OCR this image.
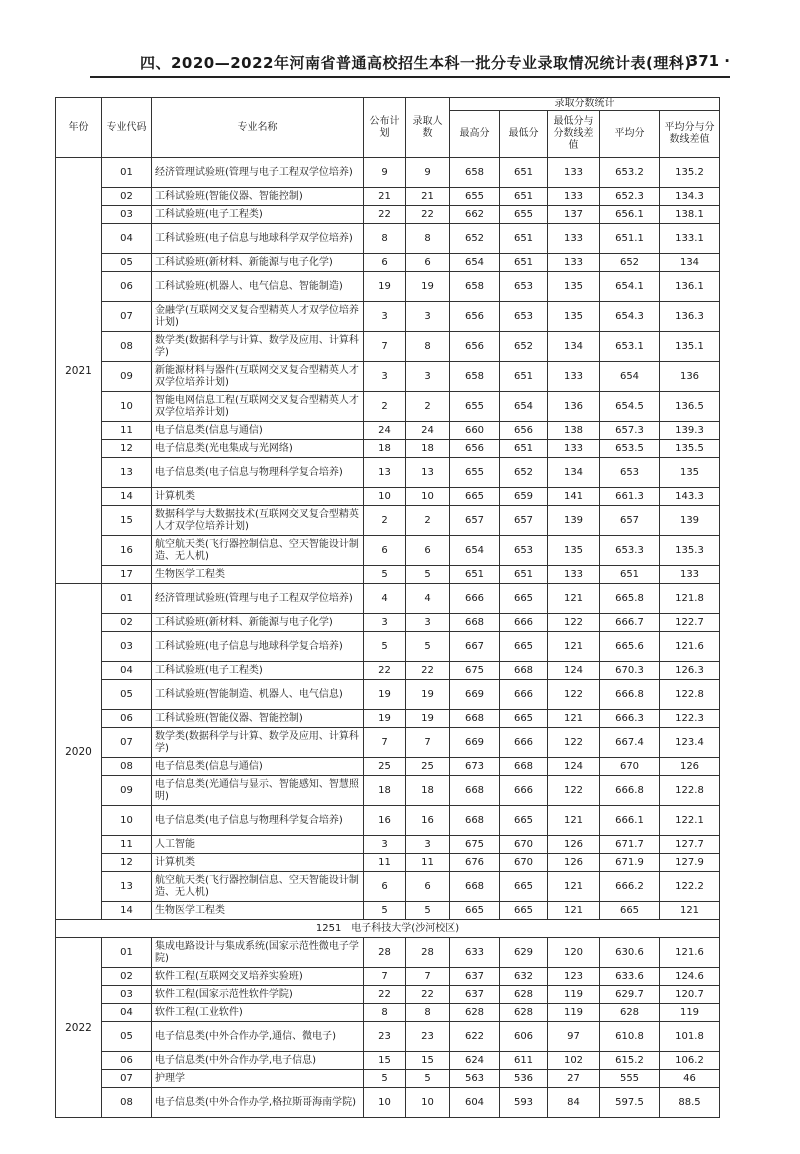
四、2020—2022年河南省普通高校招生本科一批分专业录取情况统计表(理科)
· 371 ·
年份	专业代码	专业名称	公布计划	录取人数	录取分数统计				
					最高分	最低分	最低分与分数线差值	平均分	平均分与分数线差值
2021	01	经济管理试验班(管理与电子工程双学位培养)	9	9	658	651	133	653.2	135.2
	02	工科试验班(智能仪器、智能控制)	21	21	655	651	133	652.3	134.3
	03	工科试验班(电子工程类)	22	22	662	655	137	656.1	138.1
	04	工科试验班(电子信息与地球科学双学位培养)	8	8	652	651	133	651.1	133.1
	05	工科试验班(新材料、新能源与电子化学)	6	6	654	651	133	652	134
	06	工科试验班(机器人、电气信息、智能制造)	19	19	658	653	135	654.1	136.1
	07	金融学(互联网交叉复合型精英人才双学位培养计划)	3	3	656	653	135	654.3	136.3
	08	数学类(数据科学与计算、数学及应用、计算科学)	7	8	656	652	134	653.1	135.1
	09	新能源材料与器件(互联网交叉复合型精英人才双学位培养计划)	3	3	658	651	133	654	136
	10	智能电网信息工程(互联网交叉复合型精英人才双学位培养计划)	2	2	655	654	136	654.5	136.5
	11	电子信息类(信息与通信)	24	24	660	656	138	657.3	139.3
	12	电子信息类(光电集成与光网络)	18	18	656	651	133	653.5	135.5
	13	电子信息类(电子信息与物理科学复合培养)	13	13	655	652	134	653	135
	14	计算机类	10	10	665	659	141	661.3	143.3
	15	数据科学与大数据技术(互联网交叉复合型精英人才双学位培养计划)	2	2	657	657	139	657	139
	16	航空航天类(飞行器控制信息、空天智能设计制造、无人机)	6	6	654	653	135	653.3	135.3
	17	生物医学工程类	5	5	651	651	133	651	133
2020	01	经济管理试验班(管理与电子工程双学位培养)	4	4	666	665	121	665.8	121.8
	02	工科试验班(新材料、新能源与电子化学)	3	3	668	666	122	666.7	122.7
	03	工科试验班(电子信息与地球科学复合培养)	5	5	667	665	121	665.6	121.6
	04	工科试验班(电子工程类)	22	22	675	668	124	670.3	126.3
	05	工科试验班(智能制造、机器人、电气信息)	19	19	669	666	122	666.8	122.8
	06	工科试验班(智能仪器、智能控制)	19	19	668	665	121	666.3	122.3
	07	数学类(数据科学与计算、数学及应用、计算科学)	7	7	669	666	122	667.4	123.4
	08	电子信息类(信息与通信)	25	25	673	668	124	670	126
	09	电子信息类(光通信与显示、智能感知、智慧照明)	18	18	668	666	122	666.8	122.8
	10	电子信息类(电子信息与物理科学复合培养)	16	16	668	665	121	666.1	122.1
	11	人工智能	3	3	675	670	126	671.7	127.7
	12	计算机类	11	11	676	670	126	671.9	127.9
	13	航空航天类(飞行器控制信息、空天智能设计制造、无人机)	6	6	668	665	121	666.2	122.2
	14	生物医学工程类	5	5	665	665	121	665	121
1251　电子科技大学(沙河校区)									
2022	01	集成电路设计与集成系统(国家示范性微电子学院)	28	28	633	629	120	630.6	121.6
	02	软件工程(互联网交叉培养实验班)	7	7	637	632	123	633.6	124.6
	03	软件工程(国家示范性软件学院)	22	22	637	628	119	629.7	120.7
	04	软件工程(工业软件)	8	8	628	628	119	628	119
	05	电子信息类(中外合作办学,通信、微电子)	23	23	622	606	97	610.8	101.8
	06	电子信息类(中外合作办学,电子信息)	15	15	624	611	102	615.2	106.2
	07	护理学	5	5	563	536	27	555	46
	08	电子信息类(中外合作办学,格拉斯哥海南学院)	10	10	604	593	84	597.5	88.5
